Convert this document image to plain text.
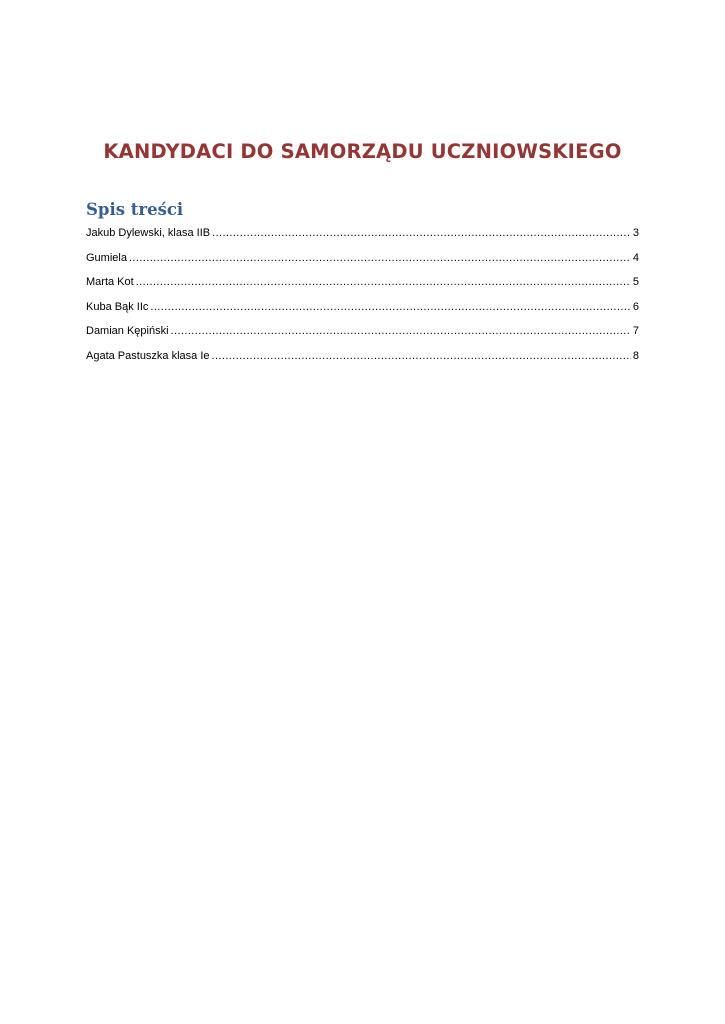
KANDYDACI DO SAMORZĄDU UCZNIOWSKIEGO
Spis treści
Jakub Dylewski, klasa IIB .....	3
Gumiela .....	4
Marta Kot .....	5
Kuba Bąk IIc .....	6
Damian Kępiński .....	7
Agata Pastuszka klasa Ie .....	8
